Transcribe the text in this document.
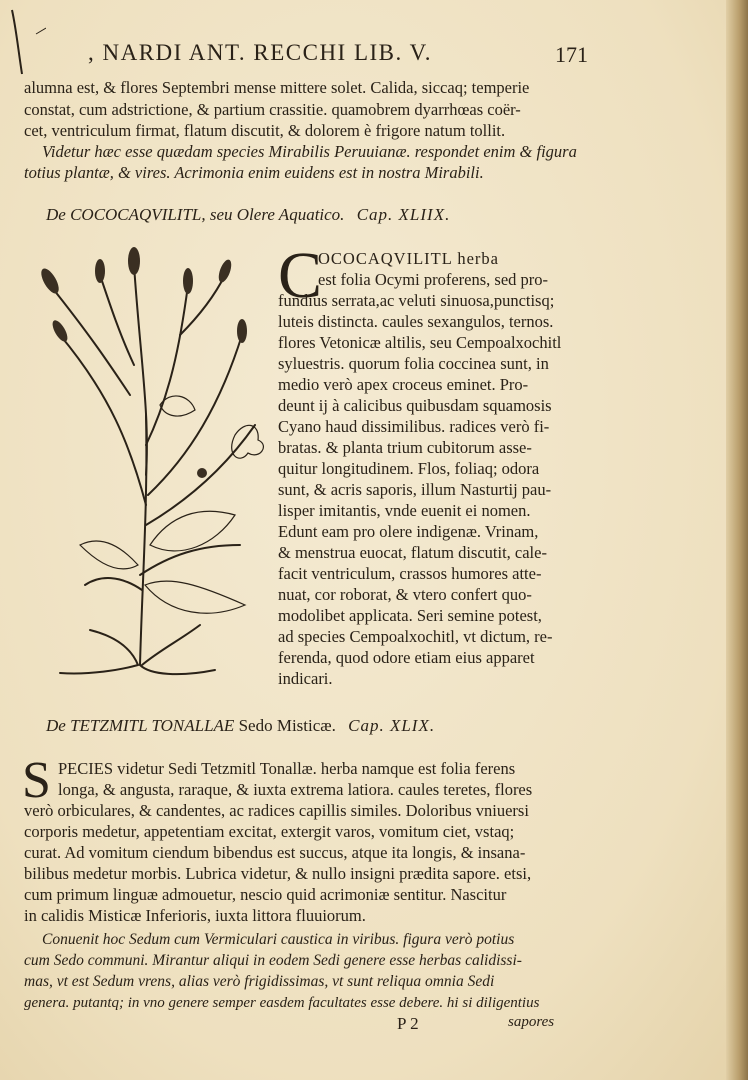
, NARDI ANT. RECCHI LIB. V.	171
alumna est, & flores Septembri mense mittere solet. Calida, siccaq; temperie
constat, cum adstrictione, & partium crassitie. quamobrem dyarrhœas coër-
cet, ventriculum firmat, flatum discutit, & dolorem è frigore natum tollit.
Videtur hæc esse quædam species Mirabilis Peruuianæ. respondet enim & figura
totius plantæ, & vires. Acrimonia enim euidens est in nostra Mirabili.
De COCOCAQVILITL, seu Olere Aquatico. Cap. XLIIX.
C
OCOCAQVILITL herba
est folia Ocymi proferens, sed pro-
fundius serrata,ac veluti sinuosa,punctisq;
luteis distincta. caules sexangulos, ternos.
flores Vetonicæ altilis, seu Cempoalxochitl
syluestris. quorum folia coccinea sunt, in
medio verò apex croceus eminet. Pro-
deunt ij à calicibus quibusdam squamosis
Cyano haud dissimilibus. radices verò fi-
bratas. & planta trium cubitorum asse-
quitur longitudinem. Flos, foliaq; odora
sunt, & acris saporis, illum Nasturtij pau-
lisper imitantis, vnde euenit ei nomen.
Edunt eam pro olere indigenæ. Vrinam,
& menstrua euocat, flatum discutit, cale-
facit ventriculum, crassos humores atte-
nuat, cor roborat, & vtero confert quo-
modolibet applicata. Seri semine potest,
ad species Cempoalxochitl, vt dictum, re-
ferenda, quod odore etiam eius apparet
indicari.
De TETZMITL TONALLAE Sedo Misticæ. Cap. XLIX.
S PECIES videtur Sedi Tetzmitl Tonallæ. herba namque est folia ferens
longa, & angusta, raraque, & iuxta extrema latiora. caules teretes, flores
verò orbiculares, & candentes, ac radices capillis similes. Doloribus vniuersi
corporis medetur, appetentiam excitat, extergit varos, vomitum ciet, vstaq;
curat. Ad vomitum ciendum bibendus est succus, atque ita longis, & insana-
bilibus medetur morbis. Lubrica videtur, & nullo insigni prædita sapore. etsi,
cum primum linguæ admouetur, nescio quid acrimoniæ sentitur. Nascitur
in calidis Misticæ Inferioris, iuxta littora fluuiorum.
Conuenit hoc Sedum cum Vermiculari caustica in viribus. figura verò potius
cum Sedo communi. Mirantur aliqui in eodem Sedi genere esse herbas calidissi-
mas, vt est Sedum vrens, alias verò frigidissimas, vt sunt reliqua omnia Sedi
genera. putantq; in vno genere semper easdem facultates esse debere. hi si diligentius
P 2	sapores
